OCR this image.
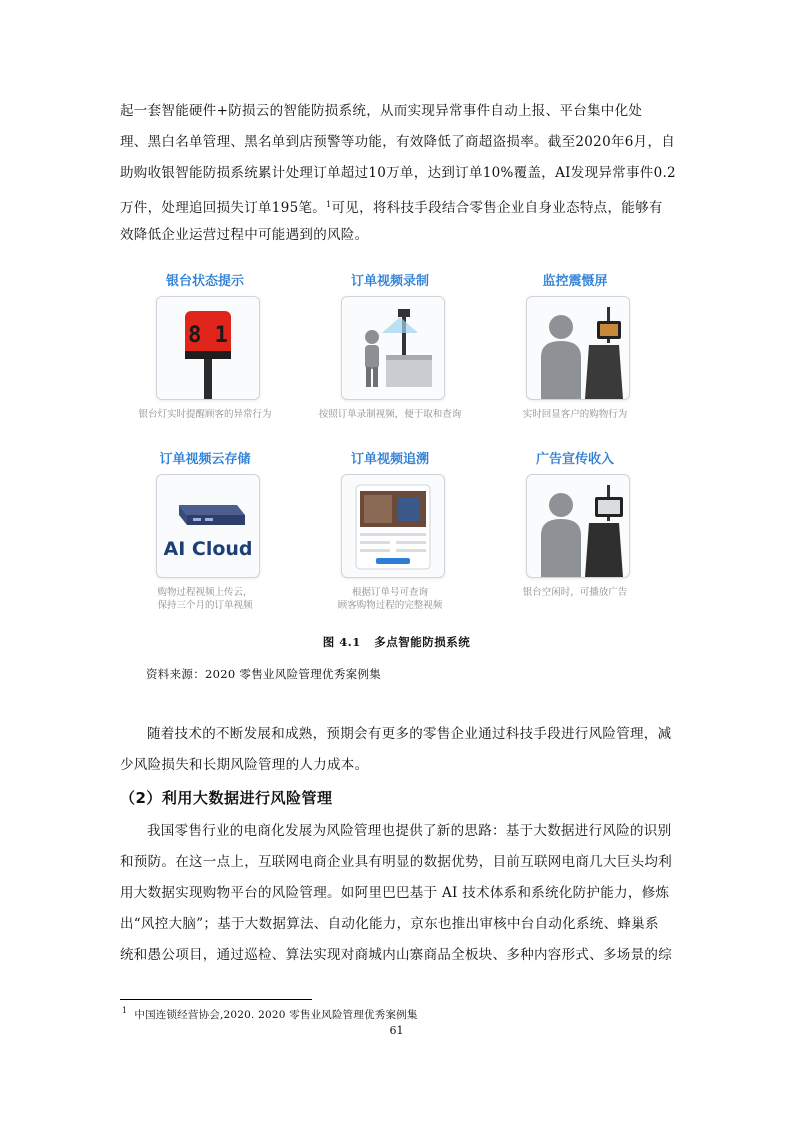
起一套智能硬件+防损云的智能防损系统，从而实现异常事件自动上报、平台集中化处
理、黑白名单管理、黑名单到店预警等功能，有效降低了商超盗损率。截至2020年6月，自
助购收银智能防损系统累计处理订单超过10万单，达到订单10%覆盖，AI发现异常事件0.2
万件，处理追回损失订单195笔。$^1$可见，将科技手段结合零售企业自身业态特点，能够有
效降低企业运营过程中可能遇到的风险。
银台状态提示
8 1
银台灯实时提醒顾客的异常行为
订单视频录制
按照订单录制视频，便于取和查询
监控震慑屏
实时回显客户的购物行为
订单视频云存储
AI Cloud
购物过程视频上传云，
保持三个月的订单视频
订单视频追溯
根据订单号可查询
顾客购物过程的完整视频
广告宣传收入
银台空闲时，可播放广告
图 4.1 多点智能防损系统
资料来源：2020 零售业风险管理优秀案例集
随着技术的不断发展和成熟，预期会有更多的零售企业通过科技手段进行风险管理，减
少风险损失和长期风险管理的人力成本。
（2）利用大数据进行风险管理
我国零售行业的电商化发展为风险管理也提供了新的思路：基于大数据进行风险的识别
和预防。在这一点上，互联网电商企业具有明显的数据优势，目前互联网电商几大巨头均利
用大数据实现购物平台的风险管理。如阿里巴巴基于 AI 技术体系和系统化防护能力，修炼
出“风控大脑”；基于大数据算法、自动化能力，京东也推出审核中台自动化系统、蜂巢系
统和愚公项目，通过巡检、算法实现对商城内山寨商品全板块、多种内容形式、多场景的综
$^1$ 中国连锁经营协会,2020. 2020 零售业风险管理优秀案例集
61
